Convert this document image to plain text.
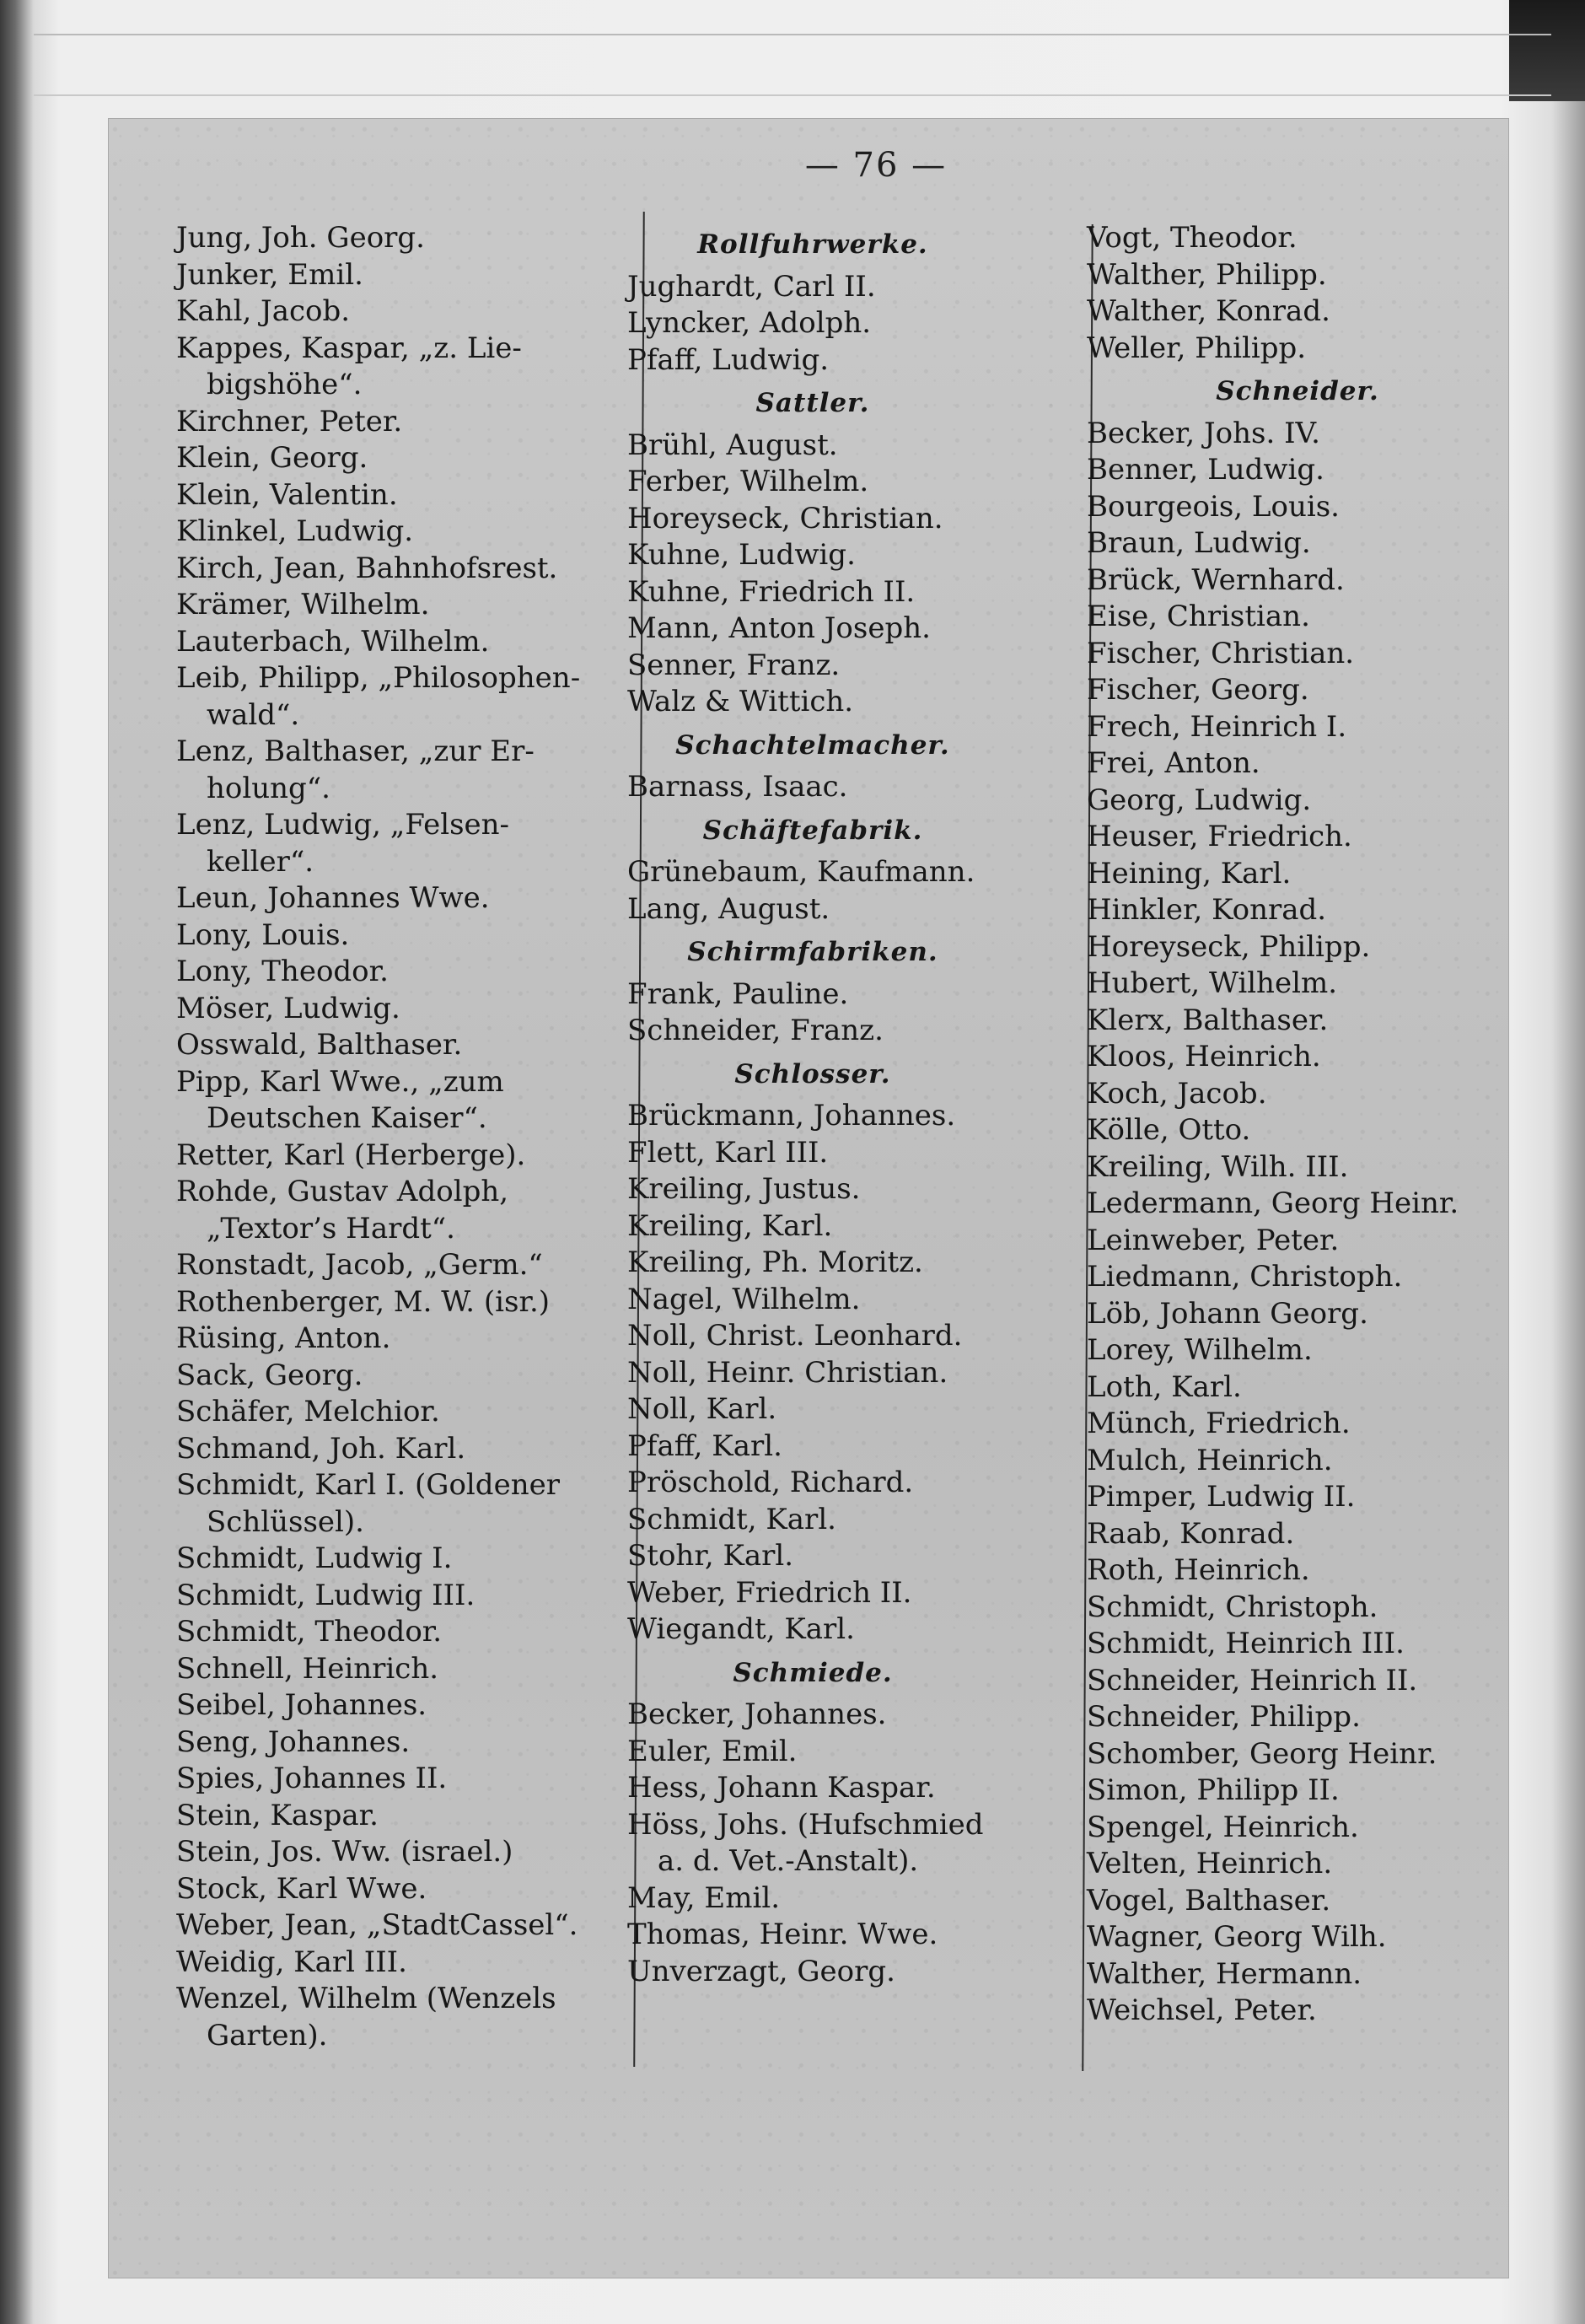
— 76 —
Jung, Joh. Georg.
Junker, Emil.
Kahl, Jacob.
Kappes, Kaspar, „z. Lie-
bigshöhe“.
Kirchner, Peter.
Klein, Georg.
Klein, Valentin.
Klinkel, Ludwig.
Kirch, Jean, Bahnhofsrest.
Krämer, Wilhelm.
Lauterbach, Wilhelm.
Leib, Philipp, „Philosophen-
wald“.
Lenz, Balthaser, „zur Er-
holung“.
Lenz, Ludwig, „Felsen-
keller“.
Leun, Johannes Wwe.
Lony, Louis.
Lony, Theodor.
Möser, Ludwig.
Osswald, Balthaser.
Pipp, Karl Wwe., „zum
Deutschen Kaiser“.
Retter, Karl (Herberge).
Rohde, Gustav Adolph,
„Textor’s Hardt“.
Ronstadt, Jacob, „Germ.“
Rothenberger, M. W. (isr.)
Rüsing, Anton.
Sack, Georg.
Schäfer, Melchior.
Schmand, Joh. Karl.
Schmidt, Karl I. (Goldener
Schlüssel).
Schmidt, Ludwig I.
Schmidt, Ludwig III.
Schmidt, Theodor.
Schnell, Heinrich.
Seibel, Johannes.
Seng, Johannes.
Spies, Johannes II.
Stein, Kaspar.
Stein, Jos. Ww. (israel.)
Stock, Karl Wwe.
Weber, Jean, „StadtCassel“.
Weidig, Karl III.
Wenzel, Wilhelm (Wenzels
Garten).
Rollfuhrwerke.
Jughardt, Carl II.
Lyncker, Adolph.
Pfaff, Ludwig.
Sattler.
Brühl, August.
Ferber, Wilhelm.
Horeyseck, Christian.
Kuhne, Ludwig.
Kuhne, Friedrich II.
Mann, Anton Joseph.
Senner, Franz.
Walz & Wittich.
Schachtelmacher.
Barnass, Isaac.
Schäftefabrik.
Grünebaum, Kaufmann.
Lang, August.
Schirmfabriken.
Frank, Pauline.
Schneider, Franz.
Schlosser.
Brückmann, Johannes.
Flett, Karl III.
Kreiling, Justus.
Kreiling, Karl.
Kreiling, Ph. Moritz.
Nagel, Wilhelm.
Noll, Christ. Leonhard.
Noll, Heinr. Christian.
Noll, Karl.
Pfaff, Karl.
Pröschold, Richard.
Schmidt, Karl.
Stohr, Karl.
Weber, Friedrich II.
Wiegandt, Karl.
Schmiede.
Becker, Johannes.
Euler, Emil.
Hess, Johann Kaspar.
Höss, Johs. (Hufschmied
a. d. Vet.-Anstalt).
May, Emil.
Thomas, Heinr. Wwe.
Unverzagt, Georg.
Vogt, Theodor.
Walther, Philipp.
Walther, Konrad.
Weller, Philipp.
Schneider.
Becker, Johs. IV.
Benner, Ludwig.
Bourgeois, Louis.
Braun, Ludwig.
Brück, Wernhard.
Eise, Christian.
Fischer, Christian.
Fischer, Georg.
Frech, Heinrich I.
Frei, Anton.
Georg, Ludwig.
Heuser, Friedrich.
Heining, Karl.
Hinkler, Konrad.
Horeyseck, Philipp.
Hubert, Wilhelm.
Klerx, Balthaser.
Kloos, Heinrich.
Koch, Jacob.
Kölle, Otto.
Kreiling, Wilh. III.
Ledermann, Georg Heinr.
Leinweber, Peter.
Liedmann, Christoph.
Löb, Johann Georg.
Lorey, Wilhelm.
Loth, Karl.
Münch, Friedrich.
Mulch, Heinrich.
Pimper, Ludwig II.
Raab, Konrad.
Roth, Heinrich.
Schmidt, Christoph.
Schmidt, Heinrich III.
Schneider, Heinrich II.
Schneider, Philipp.
Schomber, Georg Heinr.
Simon, Philipp II.
Spengel, Heinrich.
Velten, Heinrich.
Vogel, Balthaser.
Wagner, Georg Wilh.
Walther, Hermann.
Weichsel, Peter.
